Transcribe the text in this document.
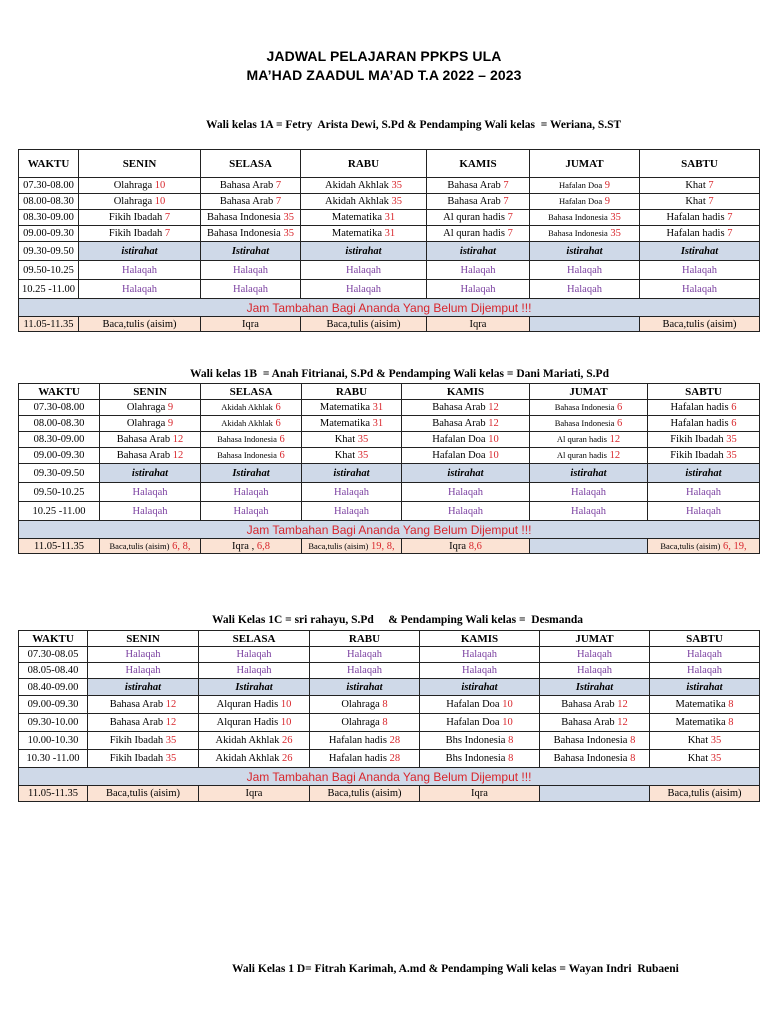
JADWAL PELAJARAN PPKPS ULA
MA’HAD ZAADUL MA’AD T.A 2022 – 2023
Wali kelas 1A = Fetry  Arista Dewi, S.Pd & Pendamping Wali kelas  = Weriana, S.ST
WAKTU	SENIN	SELASA	RABU	KAMIS	JUMAT	SABTU
07.30-08.00	Olahraga 10	Bahasa Arab 7	Akidah Akhlak 35	Bahasa Arab 7	Hafalan Doa 9	Khat 7
08.00-08.30	Olahraga 10	Bahasa Arab 7	Akidah Akhlak 35	Bahasa Arab 7	Hafalan Doa 9	Khat 7
08.30-09.00	Fikih Ibadah 7	Bahasa Indonesia 35	Matematika 31	Al quran hadis 7	Bahasa Indonesia 35	Hafalan hadis 7
09.00-09.30	Fikih Ibadah 7	Bahasa Indonesia 35	Matematika 31	Al quran hadis 7	Bahasa Indonesia 35	Hafalan hadis 7
09.30-09.50	istirahat	Istirahat	istirahat	istirahat	istirahat	Istirahat
09.50-10.25	Halaqah	Halaqah	Halaqah	Halaqah	Halaqah	Halaqah
10.25 -11.00	Halaqah	Halaqah	Halaqah	Halaqah	Halaqah	Halaqah
Jam Tambahan Bagi Ananda Yang Belum Dijemput !!!						
11.05-11.35	Baca,tulis (aisim)	Iqra	Baca,tulis (aisim)	Iqra		Baca,tulis (aisim)
Wali kelas 1B  = Anah Fitrianai, S.Pd & Pendamping Wali kelas = Dani Mariati, S.Pd
WAKTU	SENIN	SELASA	RABU	KAMIS	JUMAT	SABTU
07.30-08.00	Olahraga 9	Akidah Akhlak 6	Matematika 31	Bahasa Arab 12	Bahasa Indonesia 6	Hafalan hadis 6
08.00-08.30	Olahraga 9	Akidah Akhlak 6	Matematika 31	Bahasa Arab 12	Bahasa Indonesia 6	Hafalan hadis 6
08.30-09.00	Bahasa Arab 12	Bahasa Indonesia 6	Khat 35	Hafalan Doa 10	Al quran hadis 12	Fikih Ibadah 35
09.00-09.30	Bahasa Arab 12	Bahasa Indonesia 6	Khat 35	Hafalan Doa 10	Al quran hadis 12	Fikih Ibadah 35
09.30-09.50	istirahat	Istirahat	istirahat	istirahat	istirahat	istirahat
09.50-10.25	Halaqah	Halaqah	Halaqah	Halaqah	Halaqah	Halaqah
10.25 -11.00	Halaqah	Halaqah	Halaqah	Halaqah	Halaqah	Halaqah
Jam Tambahan Bagi Ananda Yang Belum Dijemput !!!						
11.05-11.35	Baca,tulis (aisim) 6, 8,	Iqra , 6,8	Baca,tulis (aisim) 19, 8,	Iqra 8,6		Baca,tulis (aisim) 6, 19,
Wali Kelas 1C = sri rahayu, S.Pd     & Pendamping Wali kelas =  Desmanda
WAKTU	SENIN	SELASA	RABU	KAMIS	JUMAT	SABTU
07.30-08.05	Halaqah	Halaqah	Halaqah	Halaqah	Halaqah	Halaqah
08.05-08.40	Halaqah	Halaqah	Halaqah	Halaqah	Halaqah	Halaqah
08.40-09.00	istirahat	Istirahat	istirahat	istirahat	Istirahat	istirahat
09.00-09.30	Bahasa Arab 12	Alquran Hadis 10	Olahraga 8	Hafalan Doa 10	Bahasa Arab 12	Matematika 8
09.30-10.00	Bahasa Arab 12	Alquran Hadis 10	Olahraga 8	Hafalan Doa 10	Bahasa Arab 12	Matematika 8
10.00-10.30	Fikih Ibadah 35	Akidah Akhlak 26	Hafalan hadis 28	Bhs Indonesia 8	Bahasa Indonesia 8	Khat 35
10.30 -11.00	Fikih Ibadah 35	Akidah Akhlak 26	Hafalan hadis 28	Bhs Indonesia 8	Bahasa Indonesia 8	Khat 35
Jam Tambahan Bagi Ananda Yang Belum Dijemput !!!						
11.05-11.35	Baca,tulis (aisim)	Iqra	Baca,tulis (aisim)	Iqra		Baca,tulis (aisim)
Wali Kelas 1 D= Fitrah Karimah, A.md & Pendamping Wali kelas = Wayan Indri  Rubaeni
